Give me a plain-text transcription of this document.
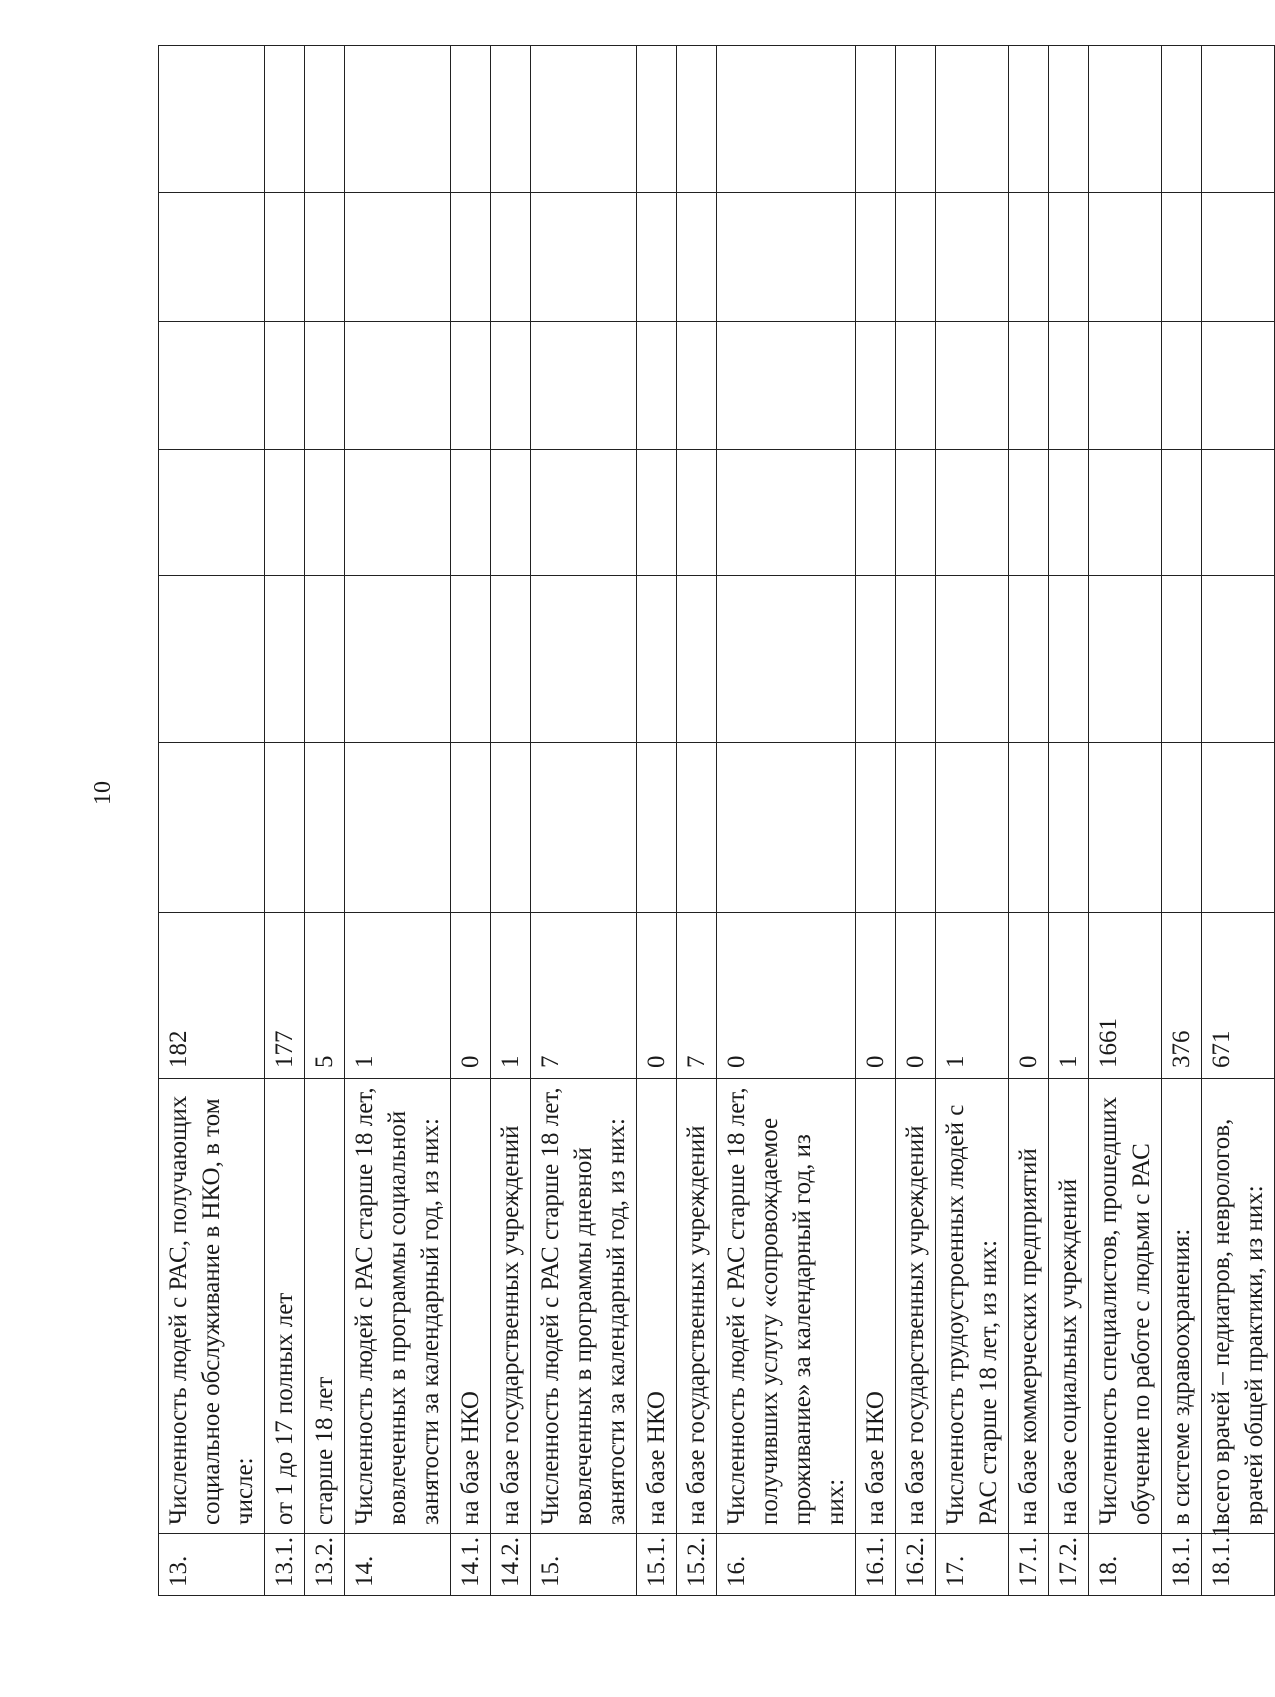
10
13.	Численность людей с РАС, получающих социальное обслуживание в НКО, в том числе:	182						
13.1.	от 1 до 17 полных лет	177						
13.2.	старше 18 лет	5						
14.	Численность людей с РАС старше 18 лет, вовлеченных в программы социальной занятости за календарный год, из них:	1						
14.1.	на базе НКО	0						
14.2.	на базе государственных учреждений	1						
15.	Численность людей с РАС старше 18 лет, вовлеченных в программы дневной занятости за календарный год, из них:	7						
15.1.	на базе НКО	0						
15.2.	на базе государственных учреждений	7						
16.	Численность людей с РАС старше 18 лет, получивших услугу «сопровождаемое проживание» за календарный год, из них:	0						
16.1.	на базе НКО	0						
16.2.	на базе государственных учреждений	0						
17.	Численность трудоустроенных людей с РАС старше 18 лет, из них:	1						
17.1.	на базе коммерческих предприятий	0						
17.2.	на базе социальных учреждений	1						
18.	Численность специалистов, прошедших обучение по работе с людьми с РАС	1661						
18.1.	в системе здравоохранения:	376						
18.1.1.	всего врачей – педиатров, неврологов, врачей общей практики, из них:	671						
